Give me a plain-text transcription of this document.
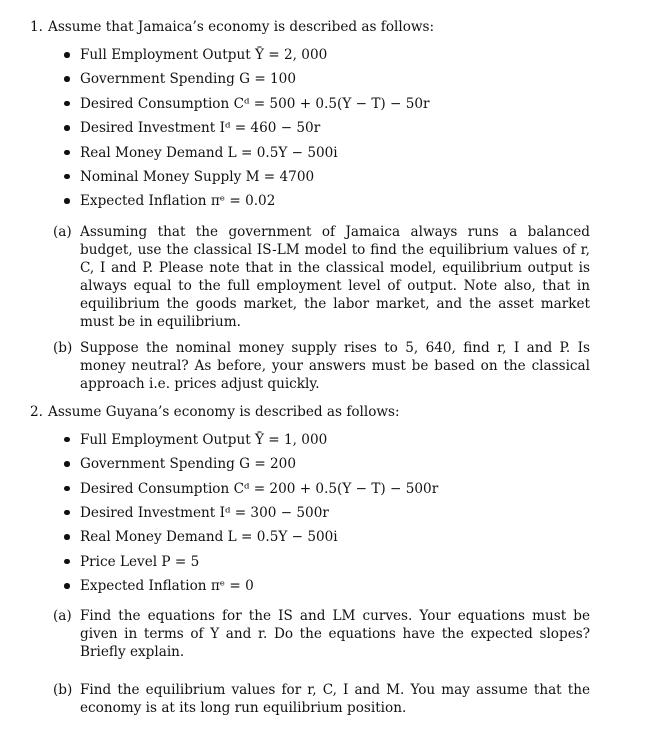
1. Assume that Jamaica’s economy is described as follows:
Full Employment Output Ȳ = 2, 000
Government Spending G = 100
Desired Consumption Cᵈ = 500 + 0.5(Y − T) − 50r
Desired Investment Iᵈ = 460 − 50r
Real Money Demand L = 0.5Y − 500i
Nominal Money Supply M = 4700
Expected Inflation πᵉ = 0.02
(a) Assuming that the government of Jamaica always runs a balanced budget, use the classical IS-LM model to find the equilibrium values of r, C, I and P. Please note that in the classical model, equilibrium output is always equal to the full employment level of output. Note also, that in equilibrium the goods market, the labor market, and the asset market must be in equilibrium.
(b) Suppose the nominal money supply rises to 5, 640, find r, I and P. Is money neutral? As before, your answers must be based on the classical approach i.e. prices adjust quickly.
2. Assume Guyana’s economy is described as follows:
Full Employment Output Ȳ = 1, 000
Government Spending G = 200
Desired Consumption Cᵈ = 200 + 0.5(Y − T) − 500r
Desired Investment Iᵈ = 300 − 500r
Real Money Demand L = 0.5Y − 500i
Price Level P = 5
Expected Inflation πᵉ = 0
(a) Find the equations for the IS and LM curves. Your equations must be given in terms of Y and r. Do the equations have the expected slopes? Briefly explain.
(b) Find the equilibrium values for r, C, I and M. You may assume that the economy is at its long run equilibrium position.
